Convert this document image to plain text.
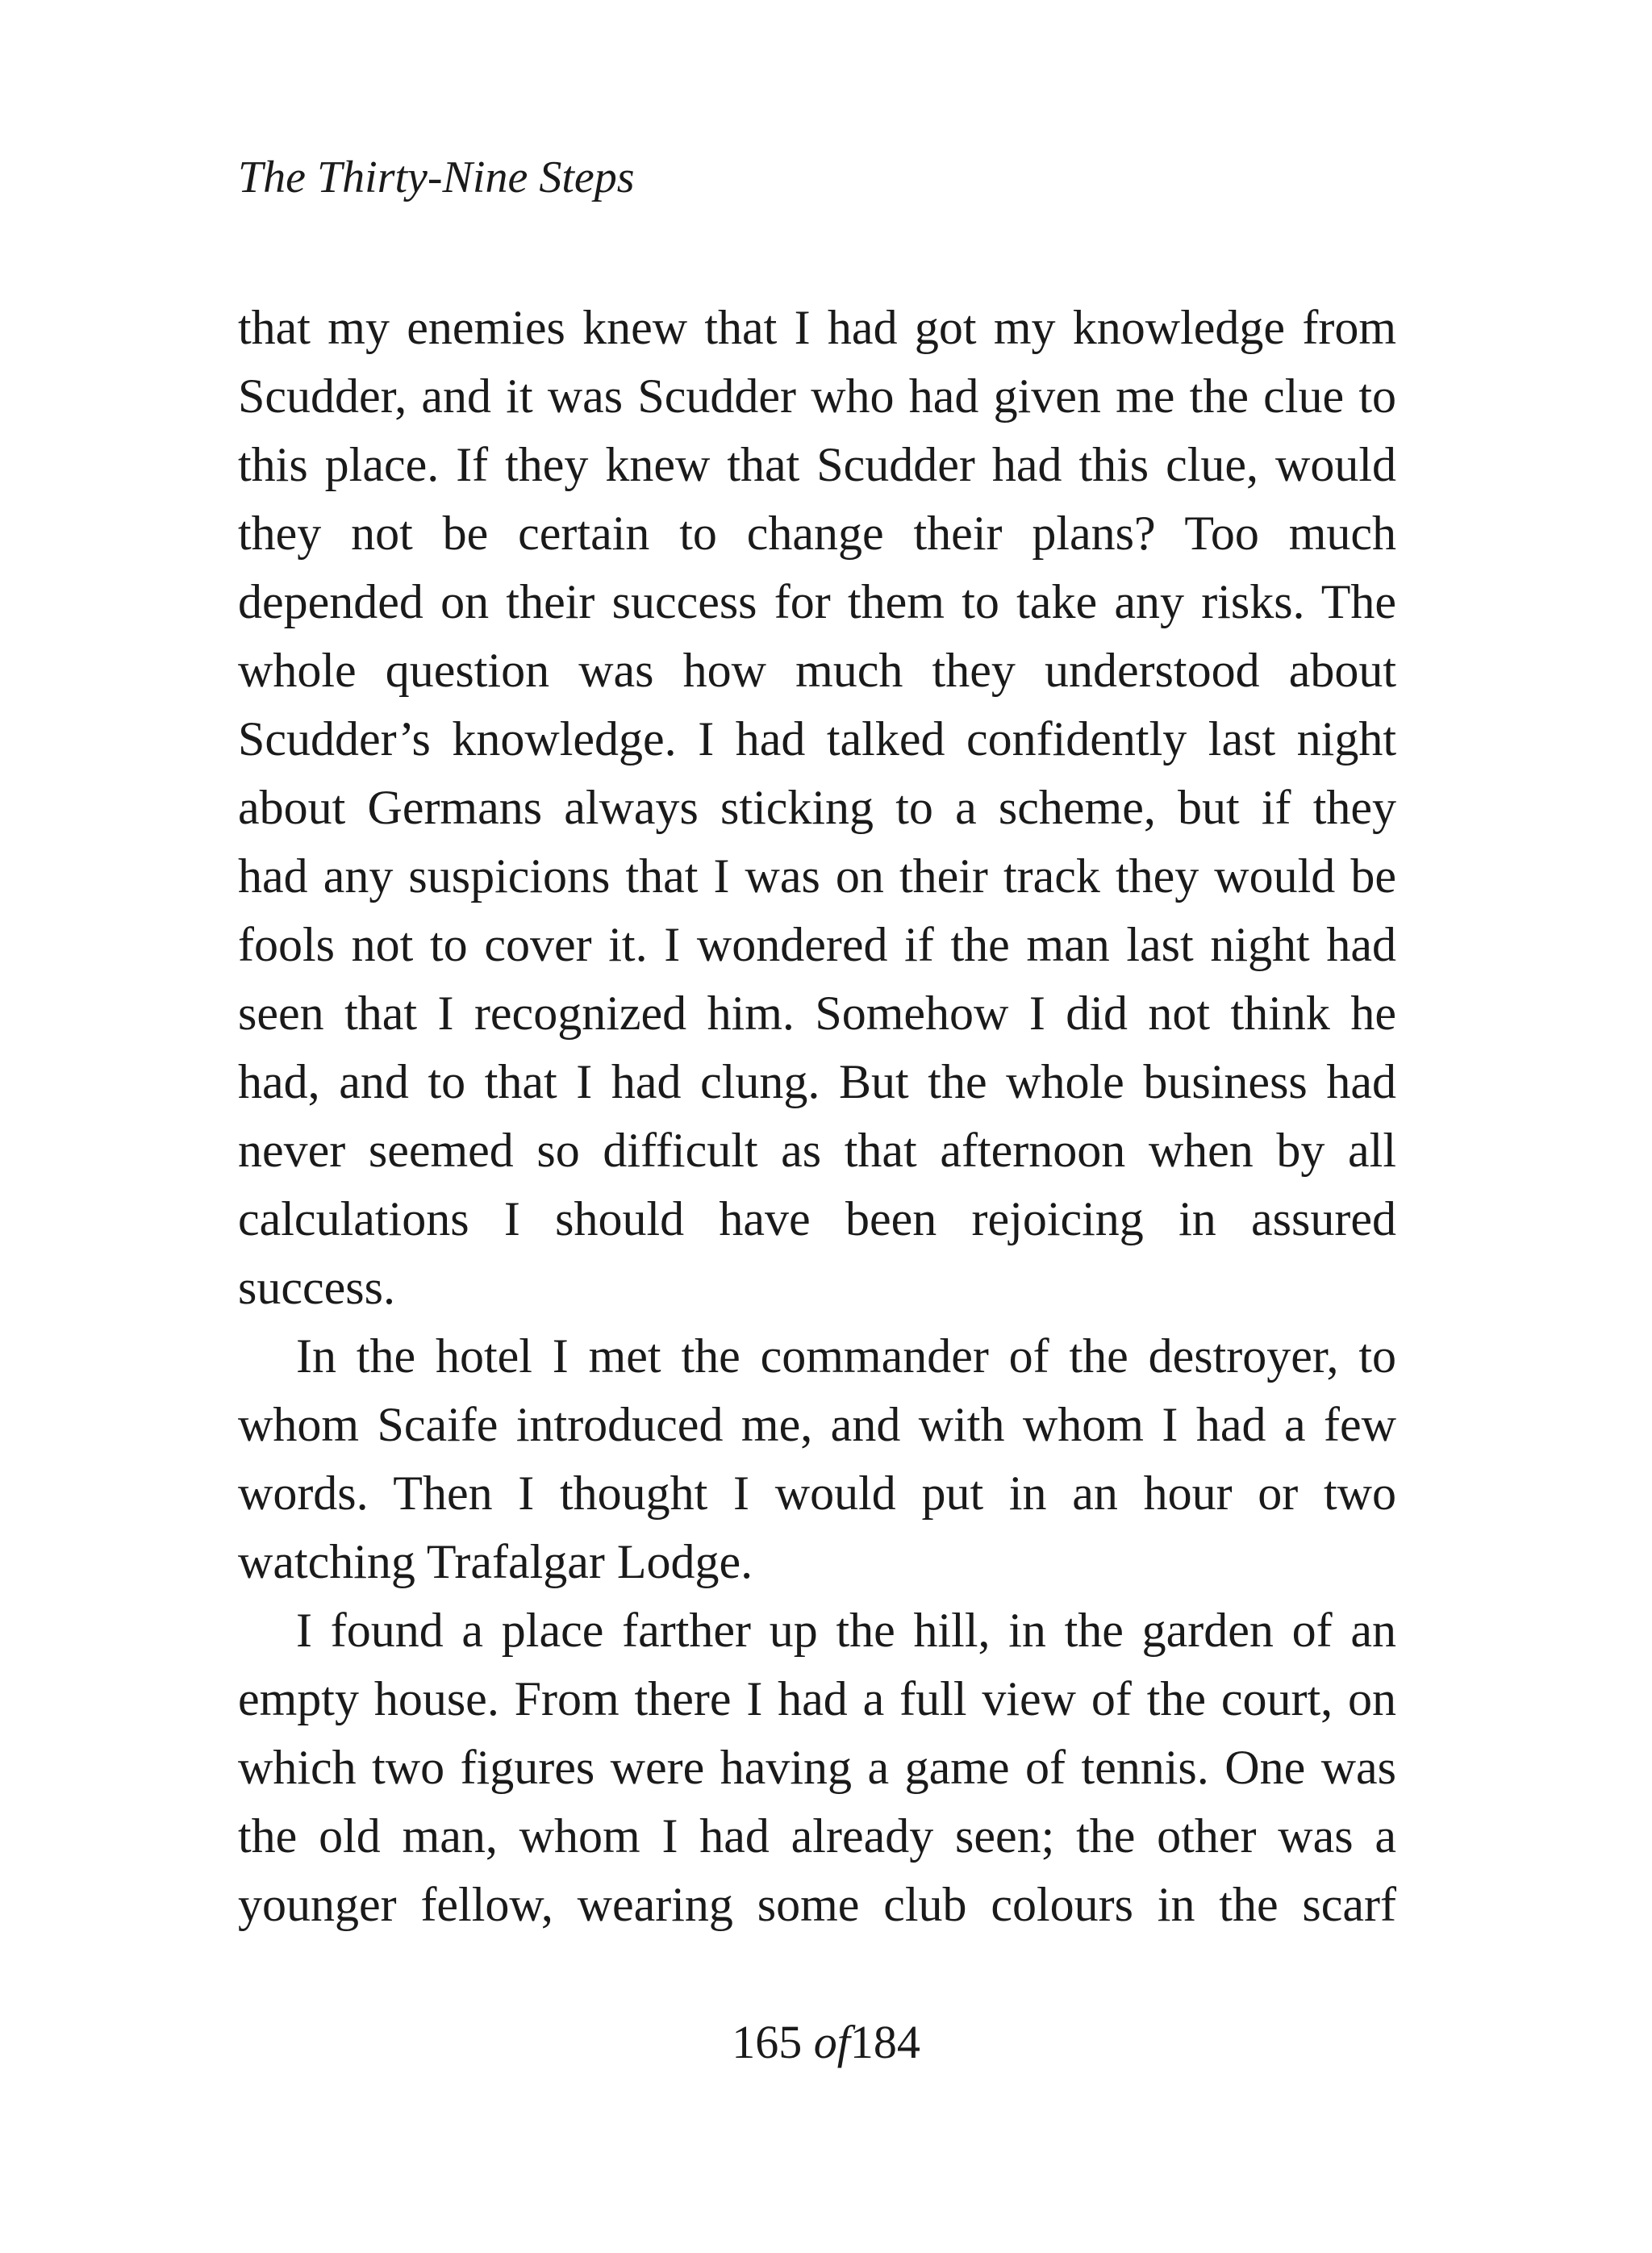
The Thirty-Nine Steps

that my enemies knew that I had got my knowledge from
Scudder, and it was Scudder who had given me the clue to
this place. If they knew that Scudder had this clue, would
they not be certain to change their plans? Too much
depended on their success for them to take any risks. The
whole question was how much they understood about
Scudder’s knowledge. I had talked confidently last night
about Germans always sticking to a scheme, but if they
had any suspicions that I was on their track they would be
fools not to cover it. I wondered if the man last night had
seen that I recognized him. Somehow I did not think he
had, and to that I had clung. But the whole business had
never seemed so difficult as that afternoon when by all
calculations I should have been rejoicing in assured
success.

In the hotel I met the commander of the destroyer, to
whom Scaife introduced me, and with whom I had a few
words. Then I thought I would put in an hour or two
watching Trafalgar Lodge.

I found a place farther up the hill, in the garden of an
empty house. From there I had a full view of the court, on
which two figures were having a game of tennis. One was
the old man, whom I had already seen; the other was a
younger fellow, wearing some club colours in the scarf

165 of184
